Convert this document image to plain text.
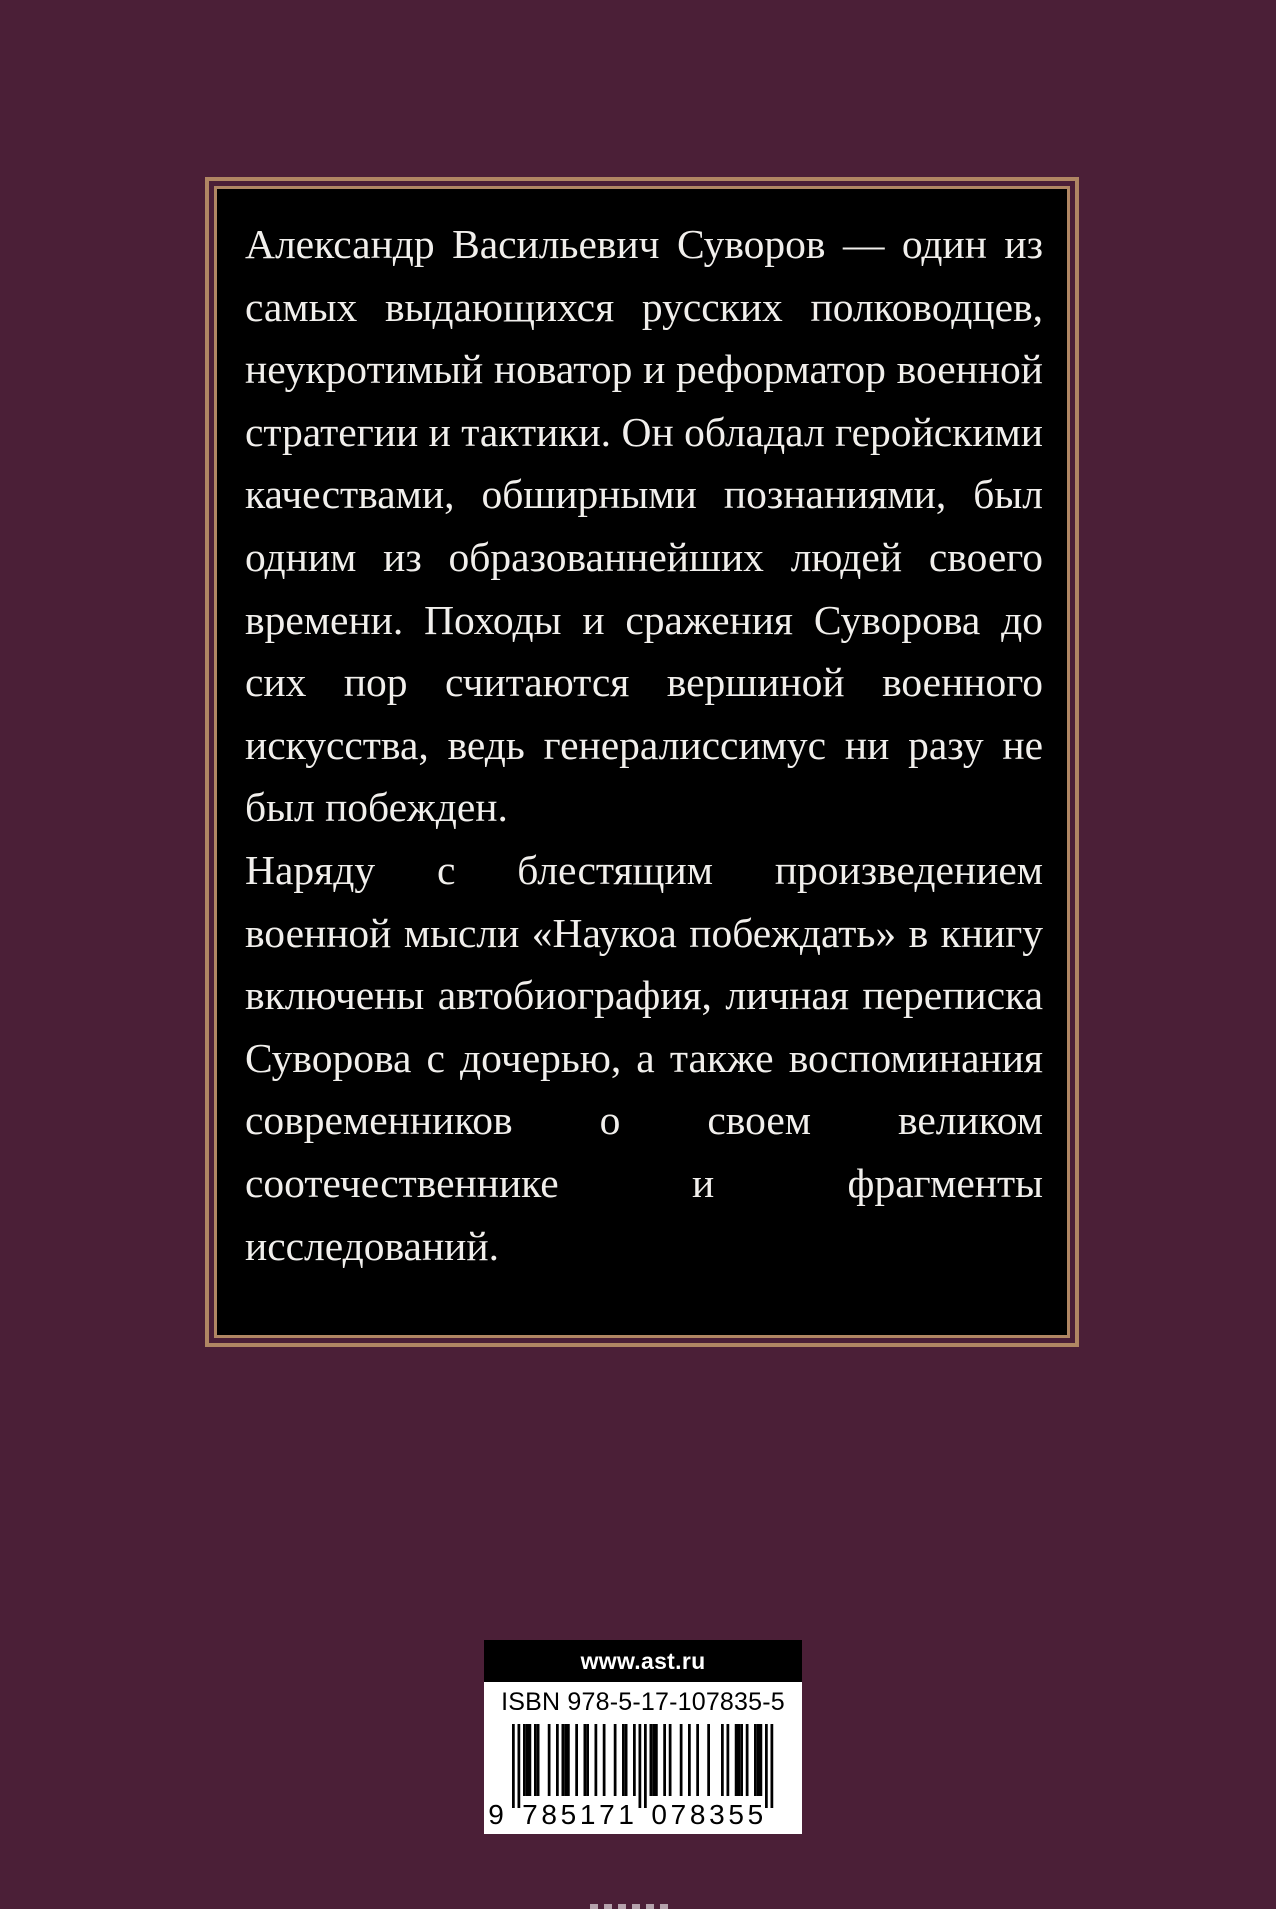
Александр Васильевич Суворов — один из самых выдающихся русских полководцев, неукротимый новатор и реформатор военной стратегии и тактики. Он обладал геройскими качествами, обширными познаниями, был одним из образованнейших людей своего времени. Походы и сражения Суворова до сих пор считаются вершиной военного искусства, ведь генералиссимус ни разу не был побежден.

Наряду с блестящим произведением военной мысли «Наукоа побеждать» в книгу включены автобиография, личная переписка Суворова с дочерью, а также воспоминания современников о своем великом соотечественнике и фрагменты исследований.

www.ast.ru
ISBN 978-5-17-107835-5
9 7 8 5 1 7 1 0 7 8 3 5 5
